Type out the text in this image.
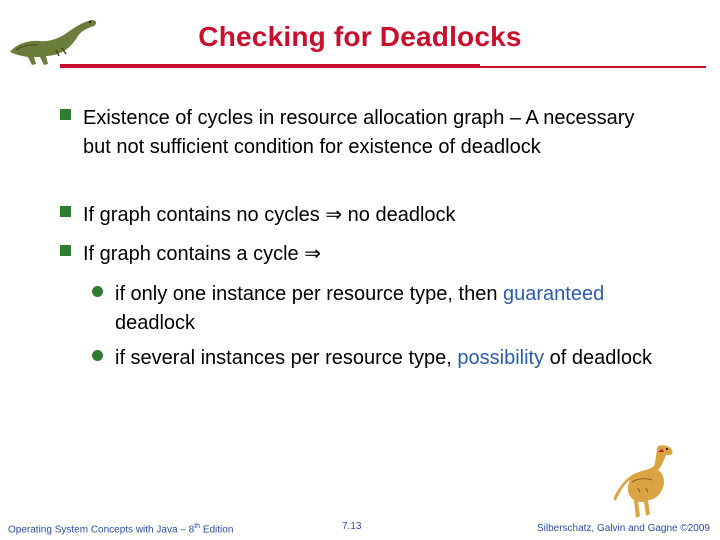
Checking for Deadlocks
Existence of cycles in resource allocation graph – A necessary but not sufficient condition for existence of deadlock
If graph contains no cycles ⇒ no deadlock
If graph contains a cycle ⇒
if only one instance per resource type, then guaranteed deadlock
if several instances per resource type, possibility of deadlock
Operating System Concepts with Java – 8th Edition	7.13	Silberschatz, Galvin and Gagne ©2009
